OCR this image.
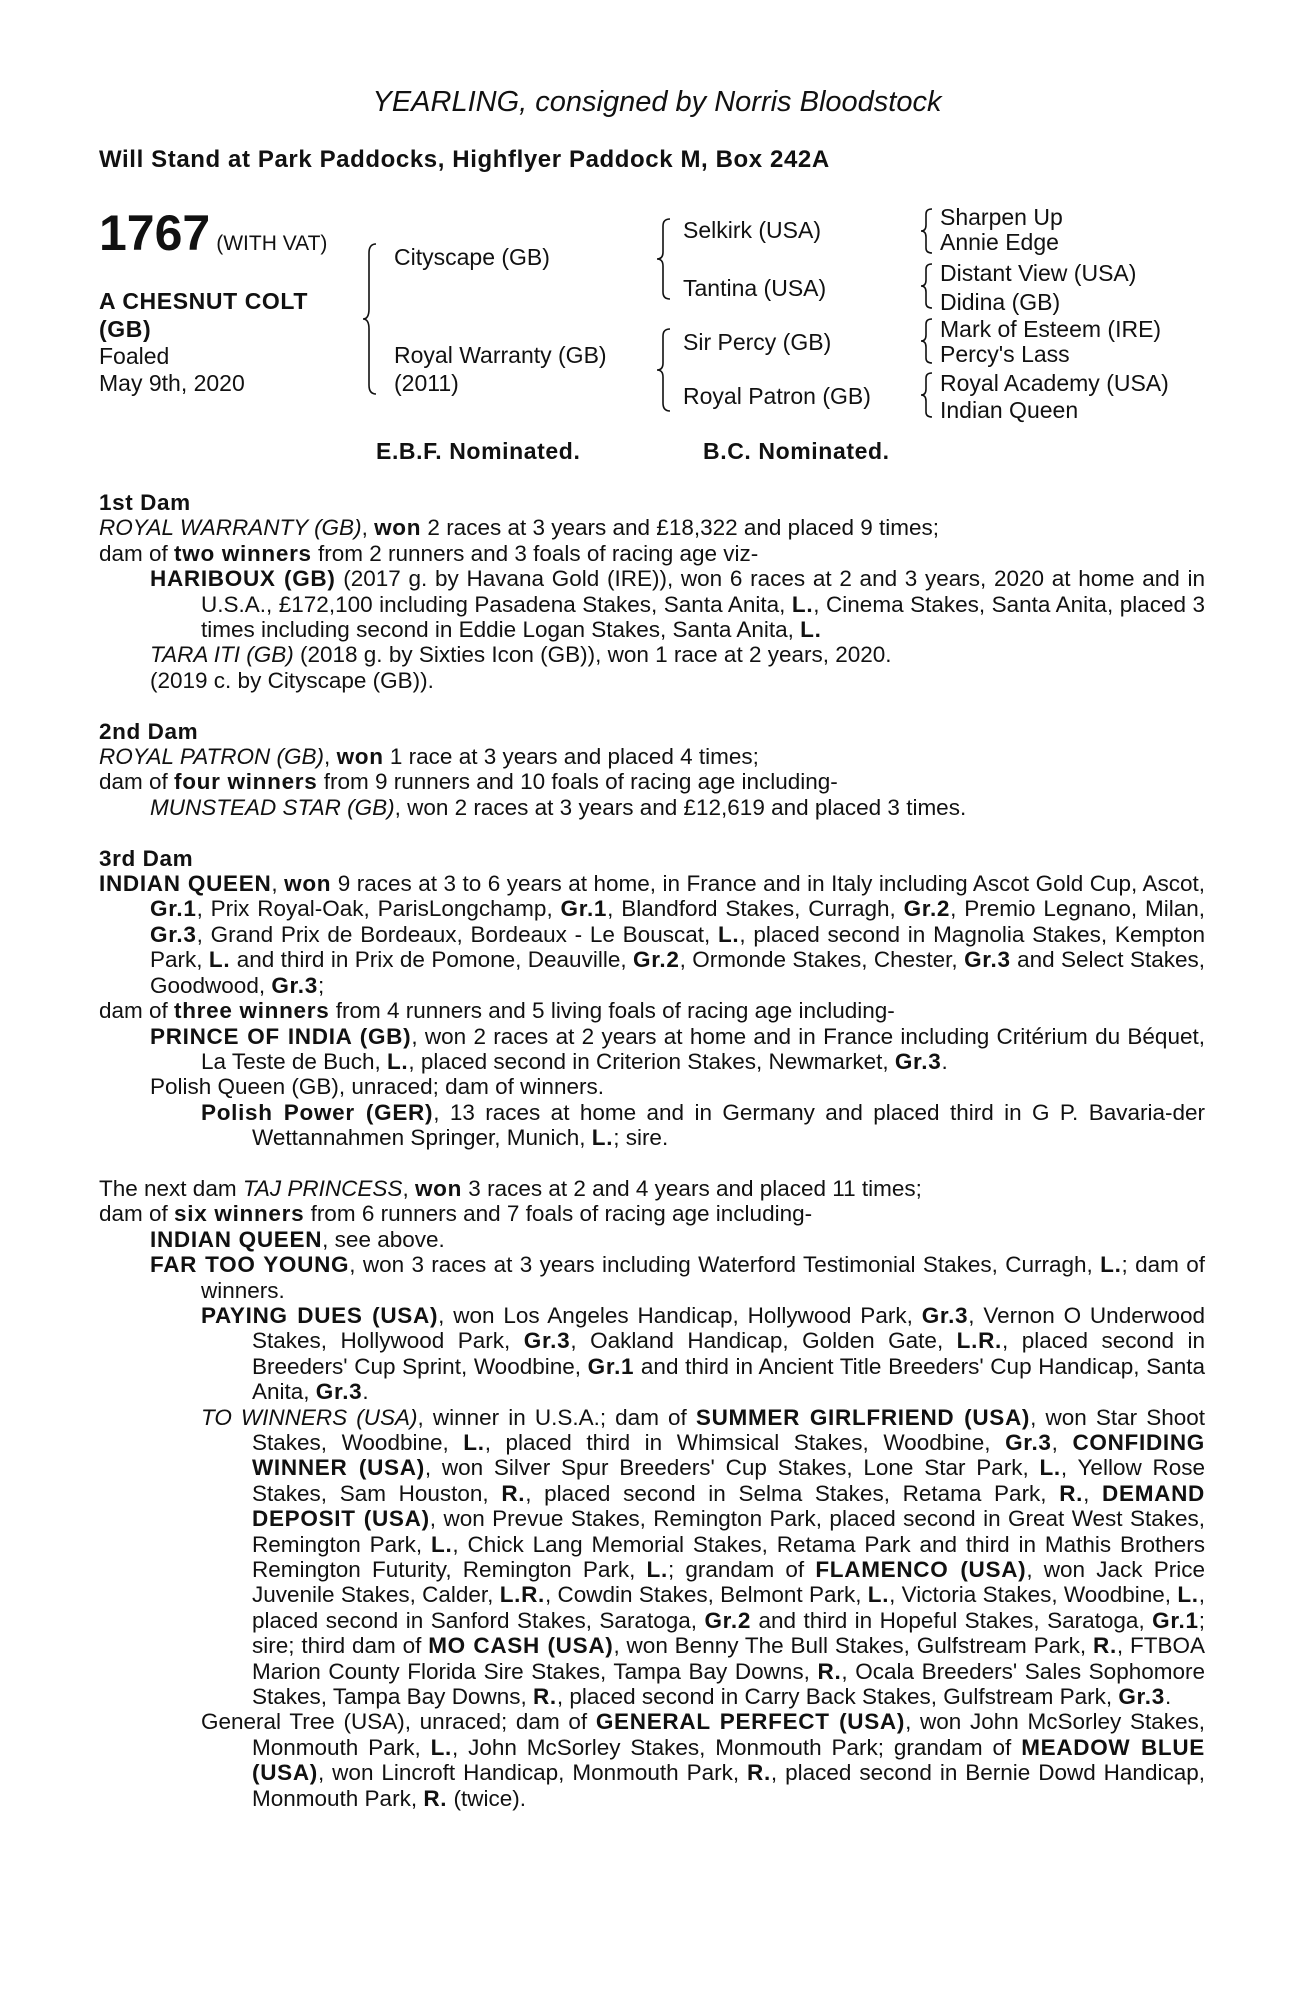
YEARLING, consigned by Norris Bloodstock
Will Stand at Park Paddocks, Highflyer Paddock M, Box 242A
1767 (WITH VAT)
A CHESNUT COLT
(GB)
Foaled
May 9th, 2020
Cityscape (GB)
Royal Warranty (GB)
(2011)
Selkirk (USA)
Tantina (USA)
Sir Percy (GB)
Royal Patron (GB)
Sharpen Up
Annie Edge
Distant View (USA)
Didina (GB)
Mark of Esteem (IRE)
Percy's Lass
Royal Academy (USA)
Indian Queen
E.B.F. Nominated.	B.C. Nominated.
1st Dam
ROYAL WARRANTY (GB), won 2 races at 3 years and £18,322 and placed 9 times;
dam of two winners from 2 runners and 3 foals of racing age viz-
HARIBOUX (GB) (2017 g. by Havana Gold (IRE)), won 6 races at 2 and 3 years, 2020 at home and in U.S.A., £172,100 including Pasadena Stakes, Santa Anita, L., Cinema Stakes, Santa Anita, placed 3 times including second in Eddie Logan Stakes, Santa Anita, L.
TARA ITI (GB) (2018 g. by Sixties Icon (GB)), won 1 race at 2 years, 2020.
(2019 c. by Cityscape (GB)).
2nd Dam
ROYAL PATRON (GB), won 1 race at 3 years and placed 4 times;
dam of four winners from 9 runners and 10 foals of racing age including-
MUNSTEAD STAR (GB), won 2 races at 3 years and £12,619 and placed 3 times.
3rd Dam
INDIAN QUEEN, won 9 races at 3 to 6 years at home, in France and in Italy including Ascot Gold Cup, Ascot, Gr.1, Prix Royal-Oak, ParisLongchamp, Gr.1, Blandford Stakes, Curragh, Gr.2, Premio Legnano, Milan, Gr.3, Grand Prix de Bordeaux, Bordeaux - Le Bouscat, L., placed second in Magnolia Stakes, Kempton Park, L. and third in Prix de Pomone, Deauville, Gr.2, Ormonde Stakes, Chester, Gr.3 and Select Stakes, Goodwood, Gr.3;
dam of three winners from 4 runners and 5 living foals of racing age including-
PRINCE OF INDIA (GB), won 2 races at 2 years at home and in France including Critérium du Béquet, La Teste de Buch, L., placed second in Criterion Stakes, Newmarket, Gr.3.
Polish Queen (GB), unraced; dam of winners.
Polish Power (GER), 13 races at home and in Germany and placed third in G P. Bavaria-der Wettannahmen Springer, Munich, L.; sire.
The next dam TAJ PRINCESS, won 3 races at 2 and 4 years and placed 11 times;
dam of six winners from 6 runners and 7 foals of racing age including-
INDIAN QUEEN, see above.
FAR TOO YOUNG, won 3 races at 3 years including Waterford Testimonial Stakes, Curragh, L.; dam of winners.
PAYING DUES (USA), won Los Angeles Handicap, Hollywood Park, Gr.3, Vernon O Underwood Stakes, Hollywood Park, Gr.3, Oakland Handicap, Golden Gate, L.R., placed second in Breeders' Cup Sprint, Woodbine, Gr.1 and third in Ancient Title Breeders' Cup Handicap, Santa Anita, Gr.3.
TO WINNERS (USA), winner in U.S.A.; dam of SUMMER GIRLFRIEND (USA), won Star Shoot Stakes, Woodbine, L., placed third in Whimsical Stakes, Woodbine, Gr.3, CONFIDING WINNER (USA), won Silver Spur Breeders' Cup Stakes, Lone Star Park, L., Yellow Rose Stakes, Sam Houston, R., placed second in Selma Stakes, Retama Park, R., DEMAND DEPOSIT (USA), won Prevue Stakes, Remington Park, placed second in Great West Stakes, Remington Park, L., Chick Lang Memorial Stakes, Retama Park and third in Mathis Brothers Remington Futurity, Remington Park, L.; grandam of FLAMENCO (USA), won Jack Price Juvenile Stakes, Calder, L.R., Cowdin Stakes, Belmont Park, L., Victoria Stakes, Woodbine, L., placed second in Sanford Stakes, Saratoga, Gr.2 and third in Hopeful Stakes, Saratoga, Gr.1; sire; third dam of MO CASH (USA), won Benny The Bull Stakes, Gulfstream Park, R., FTBOA Marion County Florida Sire Stakes, Tampa Bay Downs, R., Ocala Breeders' Sales Sophomore Stakes, Tampa Bay Downs, R., placed second in Carry Back Stakes, Gulfstream Park, Gr.3.
General Tree (USA), unraced; dam of GENERAL PERFECT (USA), won John McSorley Stakes, Monmouth Park, L., John McSorley Stakes, Monmouth Park; grandam of MEADOW BLUE (USA), won Lincroft Handicap, Monmouth Park, R., placed second in Bernie Dowd Handicap, Monmouth Park, R. (twice).
